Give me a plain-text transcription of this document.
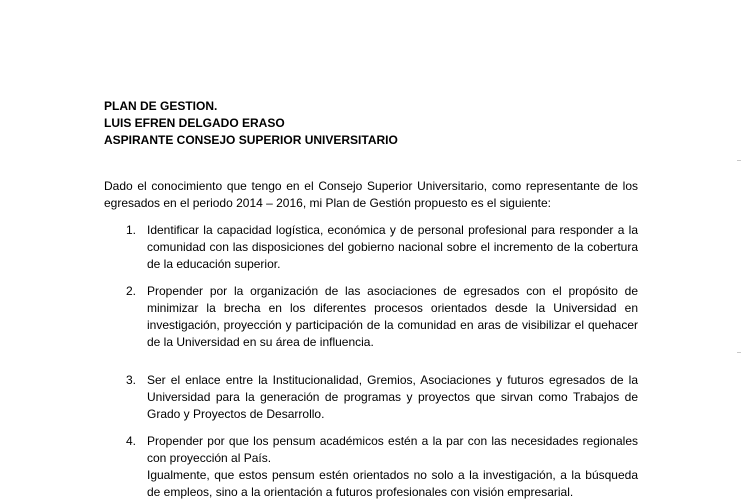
PLAN DE GESTION.
LUIS EFREN DELGADO ERASO
ASPIRANTE CONSEJO SUPERIOR UNIVERSITARIO
Dado el conocimiento que tengo en el Consejo Superior Universitario, como representante de los egresados en el periodo 2014 – 2016, mi Plan de Gestión propuesto es el siguiente:
1. Identificar la capacidad logística, económica y de personal profesional para responder a la comunidad con las disposiciones del gobierno nacional sobre el incremento de la cobertura de la educación superior.

2. Propender por la organización de las asociaciones de egresados con el propósito de minimizar la brecha en los diferentes procesos orientados desde la Universidad en investigación, proyección y participación de la comunidad en aras de visibilizar el quehacer de la Universidad en su área de influencia.

3. Ser el enlace entre la Institucionalidad, Gremios, Asociaciones y futuros egresados de la Universidad para la generación de programas y proyectos que sirvan como Trabajos de Grado y Proyectos de Desarrollo.

4. Propender por que los pensum académicos estén a la par con las necesidades regionales con proyección al País.

Igualmente, que estos pensum estén orientados no solo a la investigación, a la búsqueda de empleos, sino a la orientación a futuros profesionales con visión empresarial.
